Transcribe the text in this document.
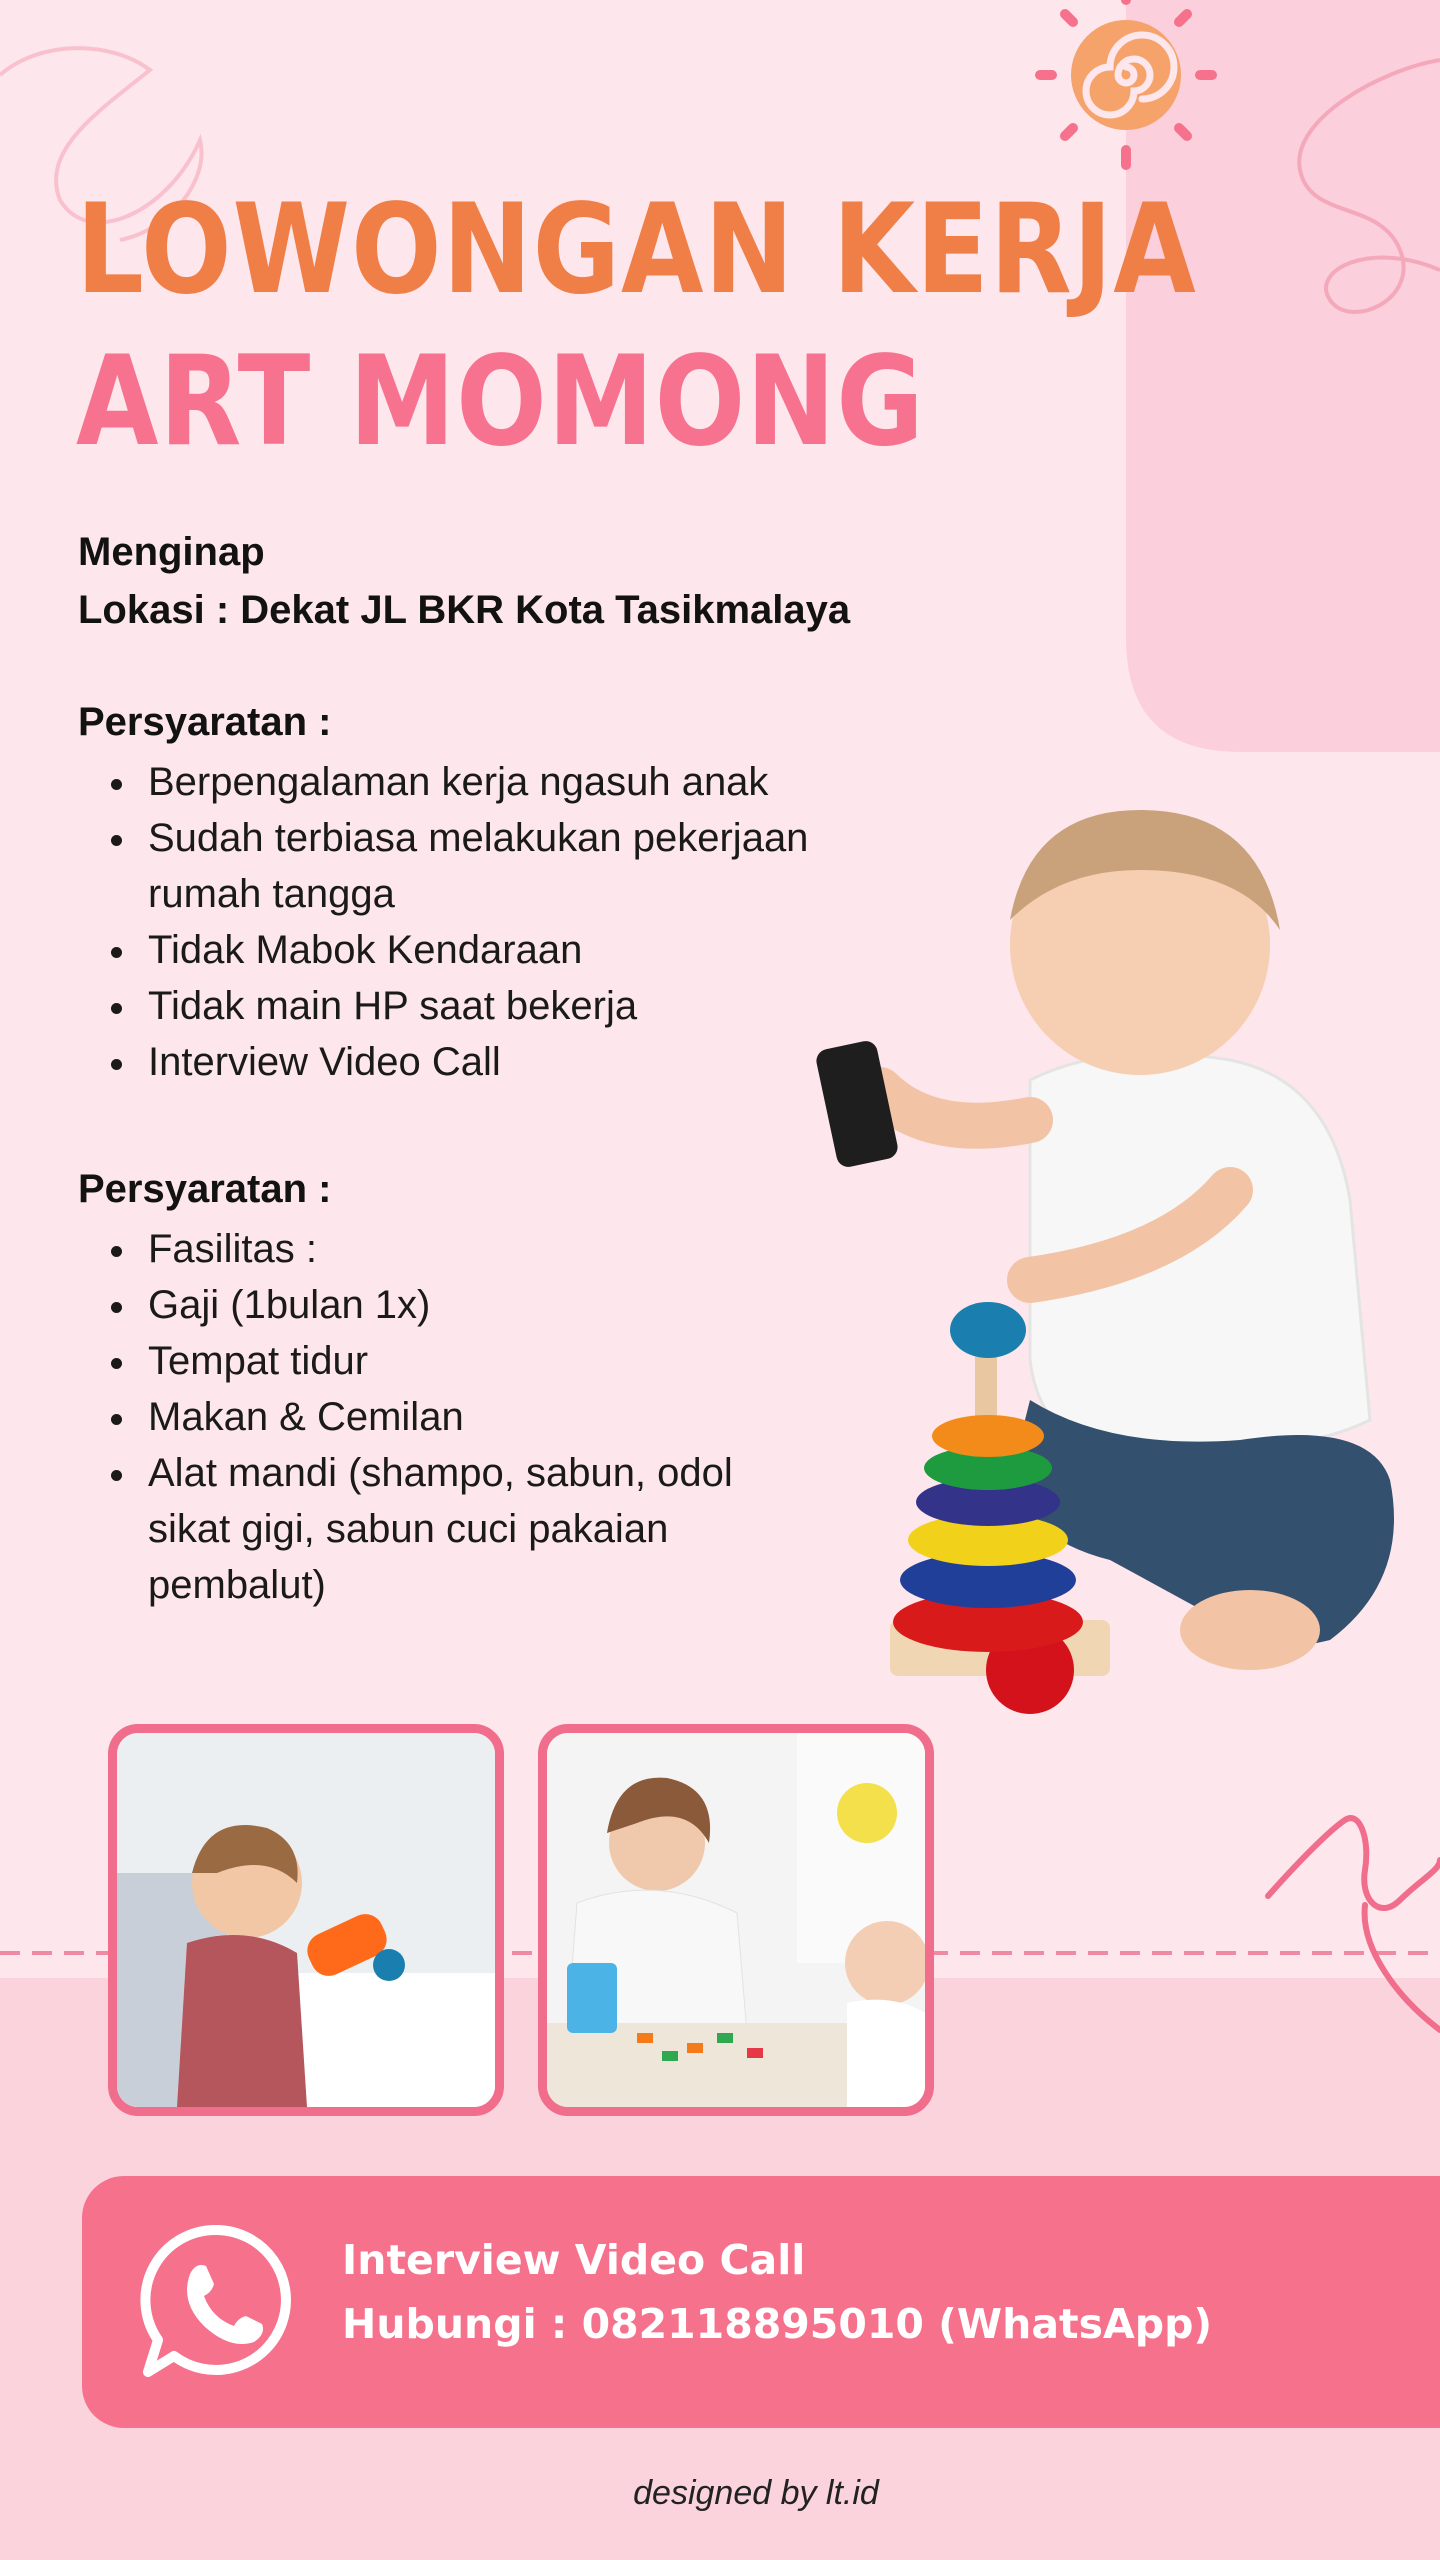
LOWONGAN KERJA
ART MOMONG
Menginap
Lokasi : Dekat JL BKR Kota Tasikmalaya
Persyaratan :
Berpengalaman kerja ngasuh anak
Sudah terbiasa melakukan pekerjaan
rumah tangga
Tidak Mabok Kendaraan
Tidak main HP saat bekerja
Interview Video Call
Persyaratan :
Fasilitas :
Gaji (1bulan 1x)
Tempat tidur
Makan & Cemilan
Alat mandi (shampo, sabun, odol
sikat gigi, sabun cuci pakaian
pembalut)
Interview Video Call
Hubungi : 082118895010 (WhatsApp)
designed by lt.id
